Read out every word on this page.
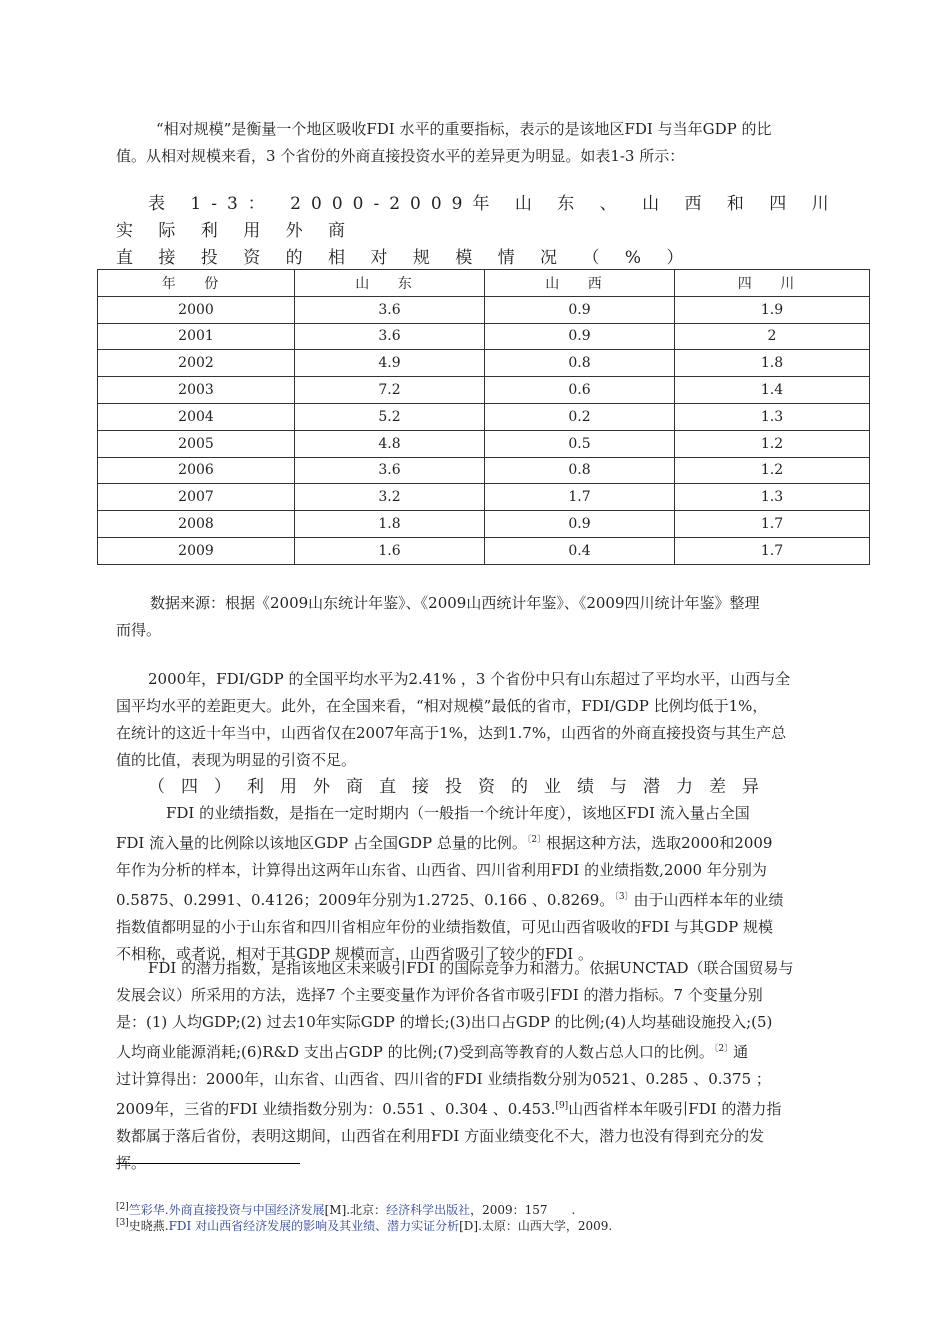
“相对规模”是衡量一个地区吸收FDI 水平的重要指标，表示的是该地区FDI 与当年GDP 的比
值。从相对规模来看，3 个省份的外商直接投资水平的差异更为明显。如表1-3 所示：

表 1-3： 2000-2009年 山 东 、 山 西 和 四 川 实 际 利 用 外 商
直 接 投 资 的 相 对 规 模 情 况 （ % ）

年 份	山 东	山 西	四 川
2000	3.6	0.9	1.9
2001	3.6	0.9	2
2002	4.9	0.8	1.8
2003	7.2	0.6	1.4
2004	5.2	0.2	1.3
2005	4.8	0.5	1.2
2006	3.6	0.8	1.2
2007	3.2	1.7	1.3
2008	1.8	0.9	1.7
2009	1.6	0.4	1.7

数据来源：根据《2009山东统计年鉴》、《2009山西统计年鉴》、《2009四川统计年鉴》整理
而得。

2000年，FDI/GDP 的全国平均水平为2.41% ，3 个省份中只有山东超过了平均水平，山西与全
国平均水平的差距更大。此外，在全国来看，“相对规模”最低的省市，FDI/GDP 比例均低于1%，
在统计的这近十年当中，山西省仅在2007年高于1%，达到1.7%，山西省的外商直接投资与其生产总
值的比值，表现为明显的引资不足。

（四）利用外商直接投资的业绩与潜力差异

FDI 的业绩指数，是指在一定时期内（一般指一个统计年度），该地区FDI 流入量占全国
FDI 流入量的比例除以该地区GDP 占全国GDP 总量的比例。$^{〔2〕}$根据这种方法，选取2000和2009
年作为分析的样本，计算得出这两年山东省、山西省、四川省利用FDI 的业绩指数,2000 年分别为
0.5875、0.2991、0.4126；2009年分别为1.2725、0.166 、0.8269。$^{〔3〕}$由于山西样本年的业绩
指数值都明显的小于山东省和四川省相应年份的业绩指数值，可见山西省吸收的FDI 与其GDP 规模
不相称，或者说，相对于其GDP 规模而言，山西省吸引了较少的FDI 。

FDI 的潜力指数，是指该地区未来吸引FDI 的国际竞争力和潜力。依据UNCTAD（联合国贸易与
发展会议）所采用的方法，选择7 个主要变量作为评价各省市吸引FDI 的潜力指标。7 个变量分别
是：(1) 人均GDP;(2) 过去10年实际GDP 的增长;(3)出口占GDP 的比例;(4)人均基础设施投入;(5)
人均商业能源消耗;(6)R&D 支出占GDP 的比例;(7)受到高等教育的人数占总人口的比例。$^{〔2〕}$通
过计算得出：2000年，山东省、山西省、四川省的FDI 业绩指数分别为0521、0.285 、0.375 ；
2009年，三省的FDI 业绩指数分别为：0.551 、0.304 、0.453.[9]山西省样本年吸引FDI 的潜力指
数都属于落后省份，表明这期间，山西省在利用FDI 方面业绩变化不大，潜力也没有得到充分的发
挥。

[2]竺彩华.外商直接投资与中国经济发展[M].北京：经济科学出版社，2009：157　　.

[3]史晓燕.FDI 对山西省经济发展的影响及其业绩、潜力实证分析[D].太原：山西大学，2009.
